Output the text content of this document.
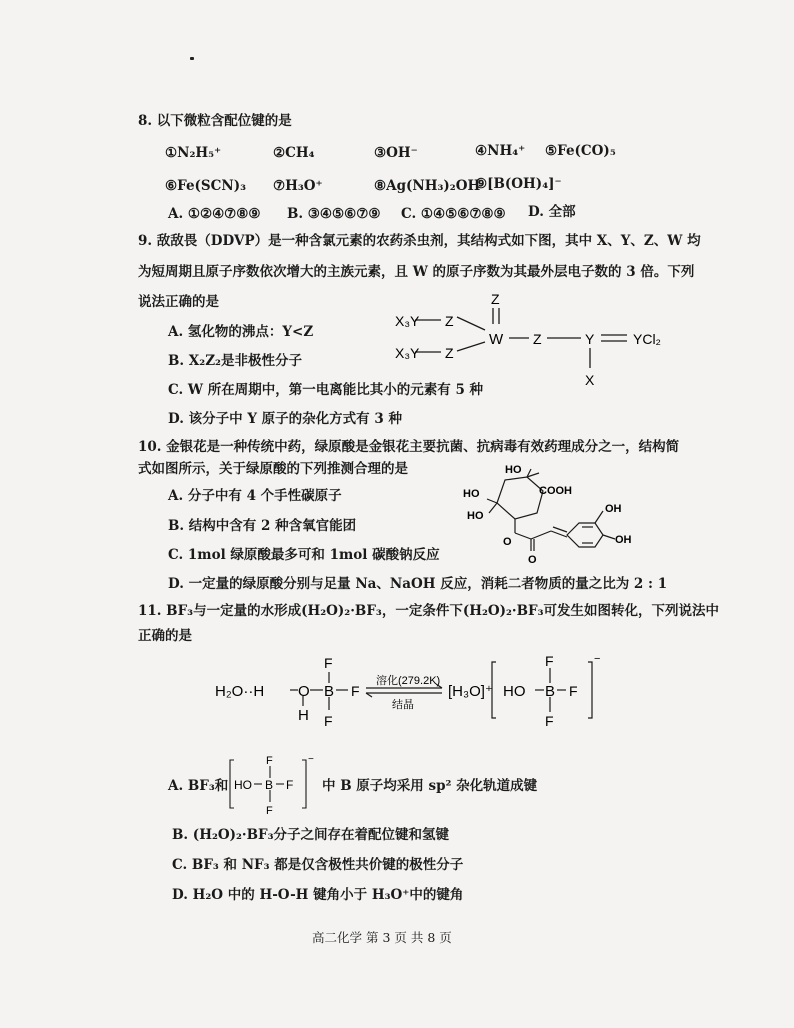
8. 以下微粒含配位键的是
①N₂H₅⁺	②CH₄	③OH⁻	④NH₄⁺ ⑤Fe(CO)₅
⑥Fe(SCN)₃ ⑦H₃O⁺	⑧Ag(NH₃)₂OH
⑨[B(OH)₄]⁻
A. ①②④⑦⑧⑨ B. ③④⑤⑥⑦⑨ C. ①④⑤⑥⑦⑧⑨ D. 全部
9. 敌敌畏（DDVP）是一种含氯元素的农药杀虫剂，其结构式如下图，其中 X、Y、Z、W 均
为短周期且原子序数依次增大的主族元素，且 W 的原子序数为其最外层电子数的 3 倍。下列
说法正确的是
A. 氢化物的沸点：Y<Z
B. X₂Z₂是非极性分子
C. W 所在周期中，第一电离能比其小的元素有 5 种
D. 该分子中 Y 原子的杂化方式有 3 种
X₃Y
X₃Y
Z
Z
Z
W Z	Y	YCl₂
X
10. 金银花是一种传统中药，绿原酸是金银花主要抗菌、抗病毒有效药理成分之一，结构简
式如图所示，关于绿原酸的下列推测合理的是
A. 分子中有 4 个手性碳原子
B. 结构中含有 2 种含氧官能团
C. 1mol 绿原酸最多可和 1mol 碳酸钠反应
D. 一定量的绿原酸分别与足量 Na、NaOH 反应，消耗二者物质的量之比为 2 : 1
HO
COOH
HO
HO
O
O
OH
OH
11. BF₃与一定量的水形成(H₂O)₂·BF₃，一定条件下(H₂O)₂·BF₃可发生如图转化，下列说法中
正确的是
H₂O··H O
H
B
F
F
F
溶化(279.2K)
结晶
[H₃O]⁺ HO B
F
F
F
−
A. BF₃和 HO B
F
F
F
−
中 B 原子均采用 sp² 杂化轨道成键
B. (H₂O)₂·BF₃分子之间存在着配位键和氢键
C. BF₃ 和 NF₃ 都是仅含极性共价键的极性分子
D. H₂O 中的 H-O-H 键角小于 H₃O⁺中的键角
高二化学 第 3 页 共 8 页
